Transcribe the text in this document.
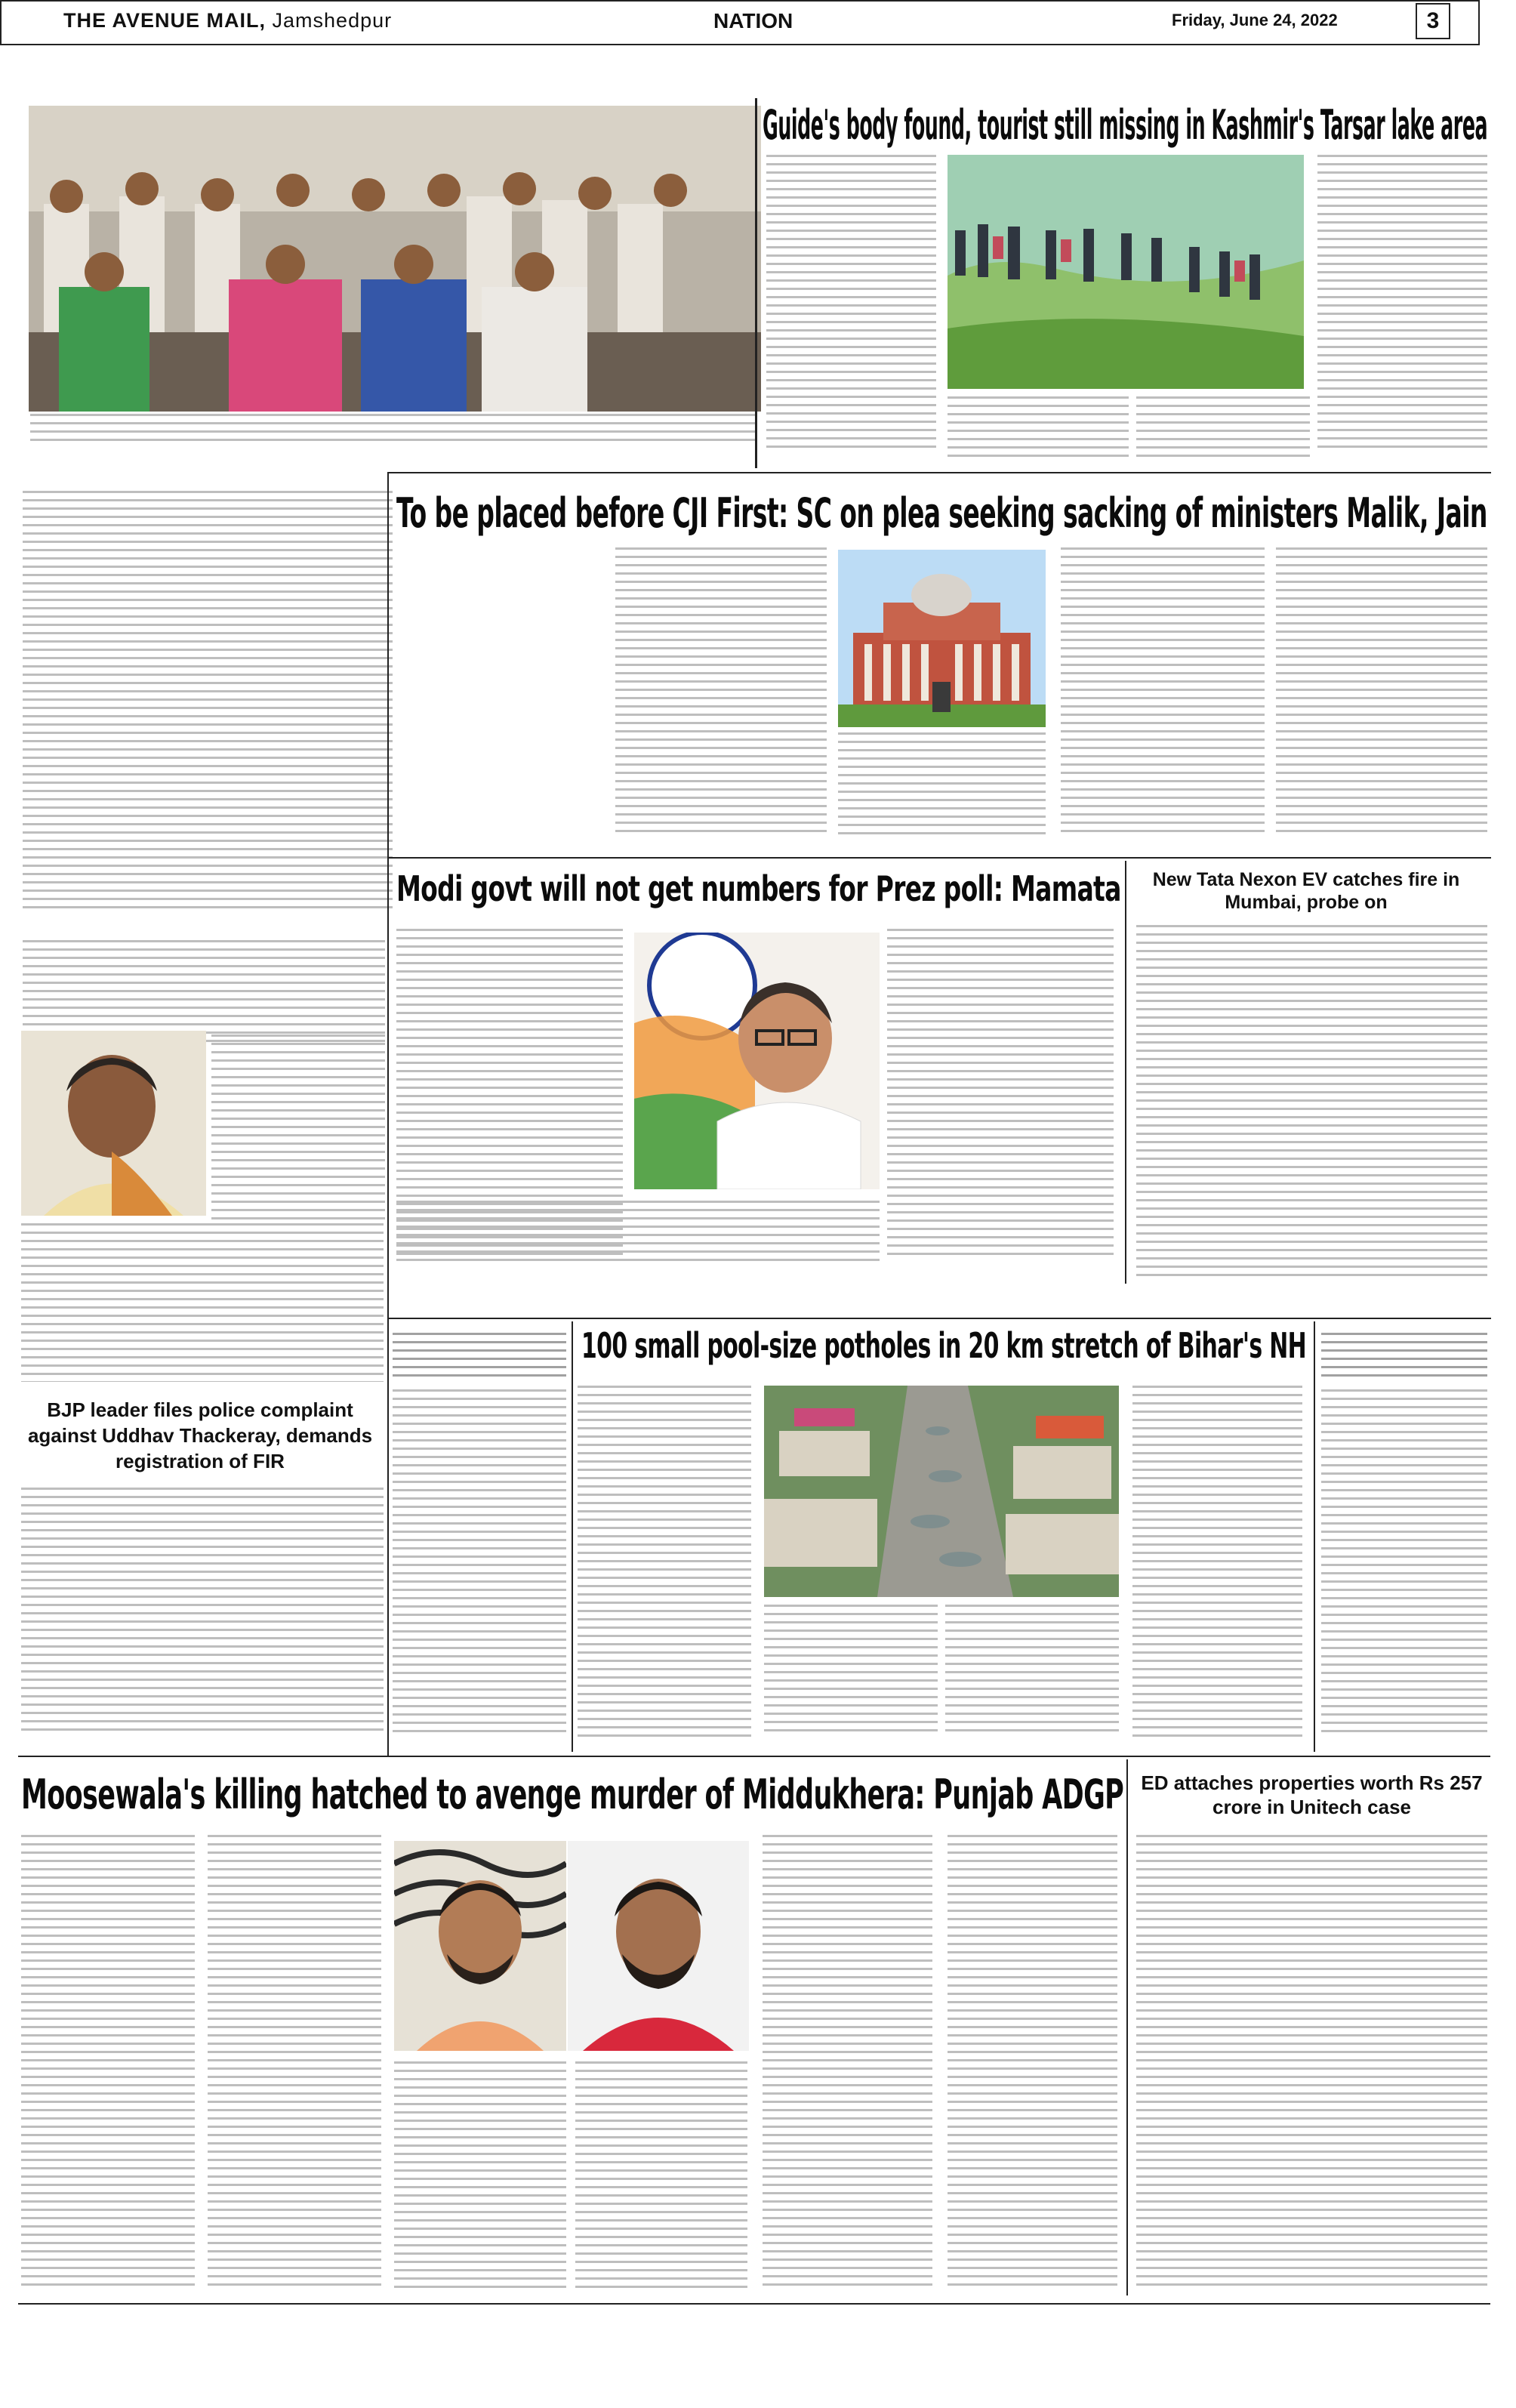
THE AVENUE MAIL, Jamshedpur	NATION	Friday, June 24, 2022	3
Guide's body found, tourist still missing in Kashmir's Tarsar lake area
To be placed before CJI First: SC on plea seeking sacking of ministers Malik, Jain
Modi govt will not get numbers for Prez poll: Mamata	New Tata Nexon EV catches fire in Mumbai, probe on
BJP leader files police complaint against Uddhav Thackeray, demands registration of FIR
100 small pool-size potholes in 20 km stretch of Bihar's NH
Moosewala's killing hatched to avenge murder of Middukhera: Punjab ADGP ED attaches properties worth Rs 257 crore in Unitech case
